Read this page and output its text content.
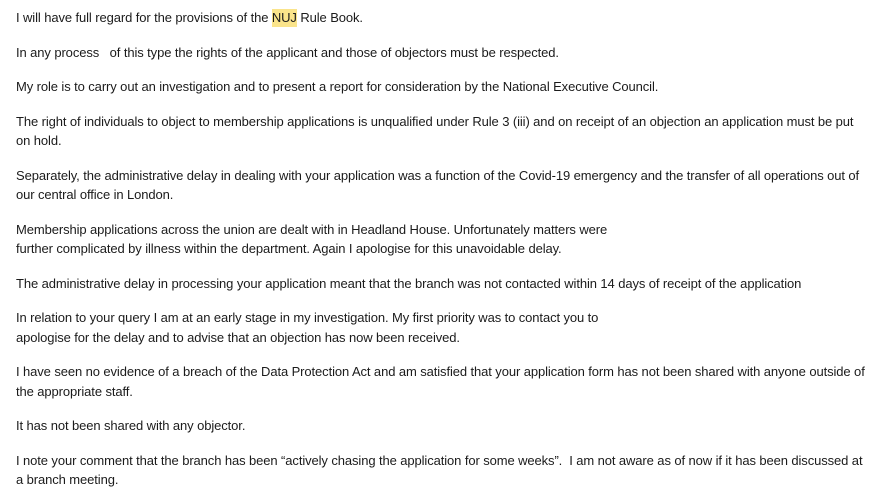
I will have full regard for the provisions of the NUJ Rule Book.
In any process   of this type the rights of the applicant and those of objectors must be respected.
My role is to carry out an investigation and to present a report for consideration by the National Executive Council.
The right of individuals to object to membership applications is unqualified under Rule 3 (iii) and on receipt of an objection an application must be put
on hold.
Separately, the administrative delay in dealing with your application was a function of the Covid-19 emergency and the transfer of all operations out of
our central office in London.
Membership applications across the union are dealt with in Headland House. Unfortunately matters were
further complicated by illness within the department. Again I apologise for this unavoidable delay.
The administrative delay in processing your application meant that the branch was not contacted within 14 days of receipt of the application
In relation to your query I am at an early stage in my investigation. My first priority was to contact you to
apologise for the delay and to advise that an objection has now been received.
I have seen no evidence of a breach of the Data Protection Act and am satisfied that your application form has not been shared with anyone outside of
the appropriate staff.
It has not been shared with any objector.
I note your comment that the branch has been “actively chasing the application for some weeks”.  I am not aware as of now if it has been discussed at
a branch meeting.
